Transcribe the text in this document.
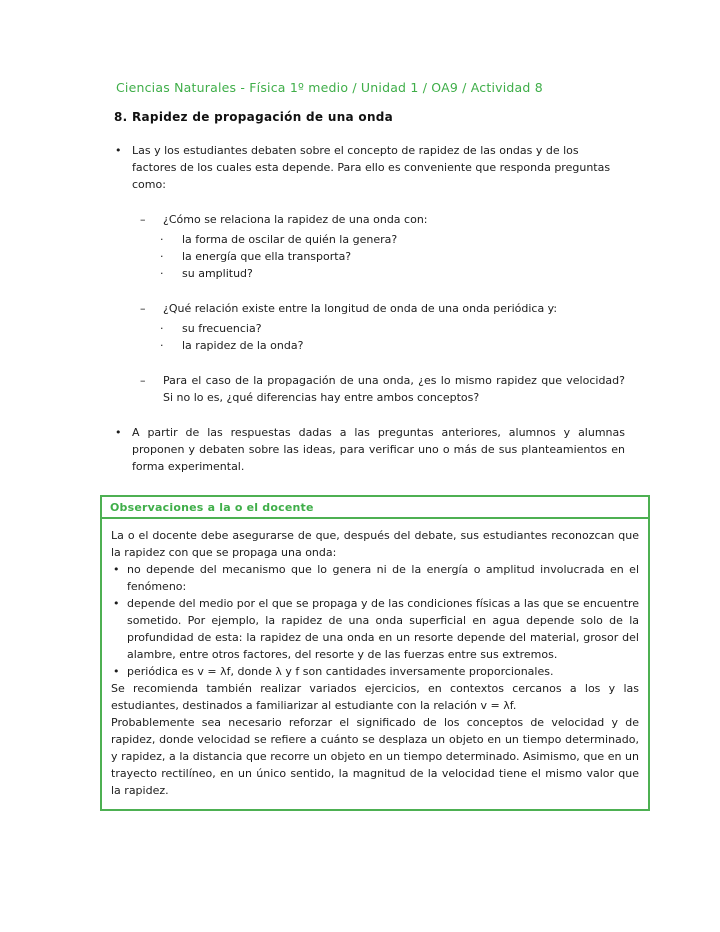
Ciencias Naturales - Física 1º medio / Unidad 1 / OA9 / Actividad 8
8. Rapidez de propagación de una onda
• Las y los estudiantes debaten sobre el concepto de rapidez de las ondas y de los factores de los cuales esta depende. Para ello es conveniente que responda preguntas como:
–	¿Cómo se relaciona la rapidez de una onda con:
·	la forma de oscilar de quién la genera?
·	la energía que ella transporta?
·	su amplitud?
–	¿Qué relación existe entre la longitud de onda de una onda periódica y:
·	su frecuencia?
·	la rapidez de la onda?
–	Para el caso de la propagación de una onda, ¿es lo mismo rapidez que velocidad? Si no lo es, ¿qué diferencias hay entre ambos conceptos?
• A partir de las respuestas dadas a las preguntas anteriores, alumnos y alumnas proponen y debaten sobre las ideas, para verificar uno o más de sus planteamientos en forma experimental.
Observaciones a la o el docente

La o el docente debe asegurarse de que, después del debate, sus estudiantes reconozcan que la rapidez con que se propaga una onda:

• no depende del mecanismo que lo genera ni de la energía o amplitud involucrada en el fenómeno:
• depende del medio por el que se propaga y de las condiciones físicas a las que se encuentre sometido. Por ejemplo, la rapidez de una onda superficial en agua depende solo de la profundidad de esta: la rapidez de una onda en un resorte depende del material, grosor del alambre, entre otros factores, del resorte y de las fuerzas entre sus extremos.
• periódica es v = λf, donde λ y f son cantidades inversamente proporcionales.

Se recomienda también realizar variados ejercicios, en contextos cercanos a los y las estudiantes, destinados a familiarizar al estudiante con la relación v = λf.

Probablemente sea necesario reforzar el significado de los conceptos de velocidad y de rapidez, donde velocidad se refiere a cuánto se desplaza un objeto en un tiempo determinado, y rapidez, a la distancia que recorre un objeto en un tiempo determinado. Asimismo, que en un trayecto rectilíneo, en un único sentido, la magnitud de la velocidad tiene el mismo valor que la rapidez.
